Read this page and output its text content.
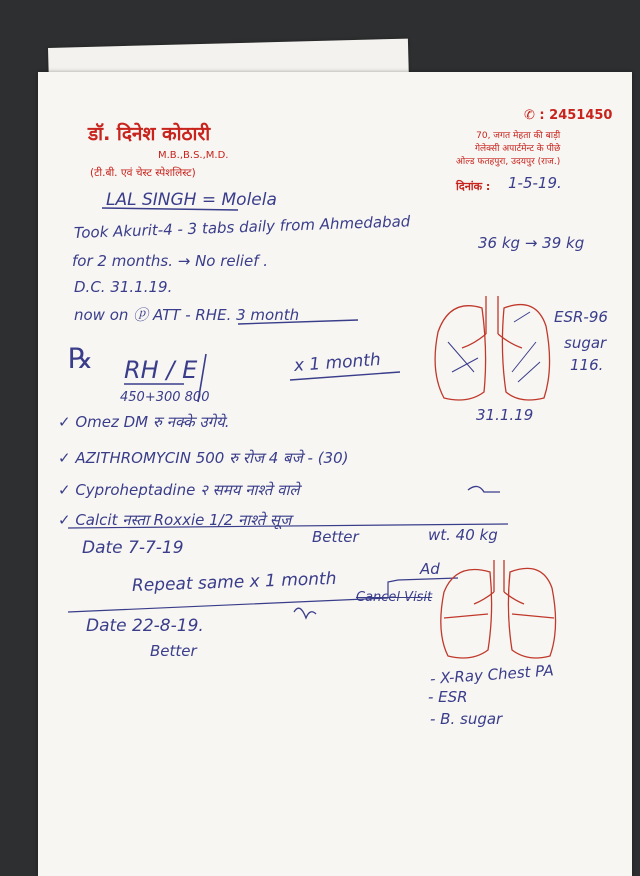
डॉ. दिनेश कोठारी
M.B.,B.S.,M.D.
(टी.बी. एवं चेस्ट स्पेशलिस्ट)
✆ : 2451450
70, जगत मेहता की बाड़ी
गेलेक्सी अपार्टमेन्ट के पीछे
ओल्ड फतहपुरा, उदयपुर (राज.)
दिनांक : 1-5-19.
LAL SINGH = Molela
Took Akurit-4 - 3 tabs daily from Ahmedabad
for 2 months. → No relief .
36 kg → 39 kg
D.C. 31.1.19.
now on ⓟ ATT - RHE. 3 month	ESR-96
sugar
116.
31.1.19
℞ RH / E
450+300 800
x 1 month
✓ Omez DM रु नक्के उगेये.
✓ AZITHROMYCIN 500 रु रोज 4 बजे - (30)
✓ Cyproheptadine २ समय नाश्ते वाले
✓ Calcit नस्ता Roxxie 1/2 नाश्ते सूज
Date 7-7-19
Better	wt. 40 kg
Repeat same x 1 month	Ad
Cancel Visit
Date 22-8-19.
Better
- X-Ray Chest PA
- ESR
- B. sugar
